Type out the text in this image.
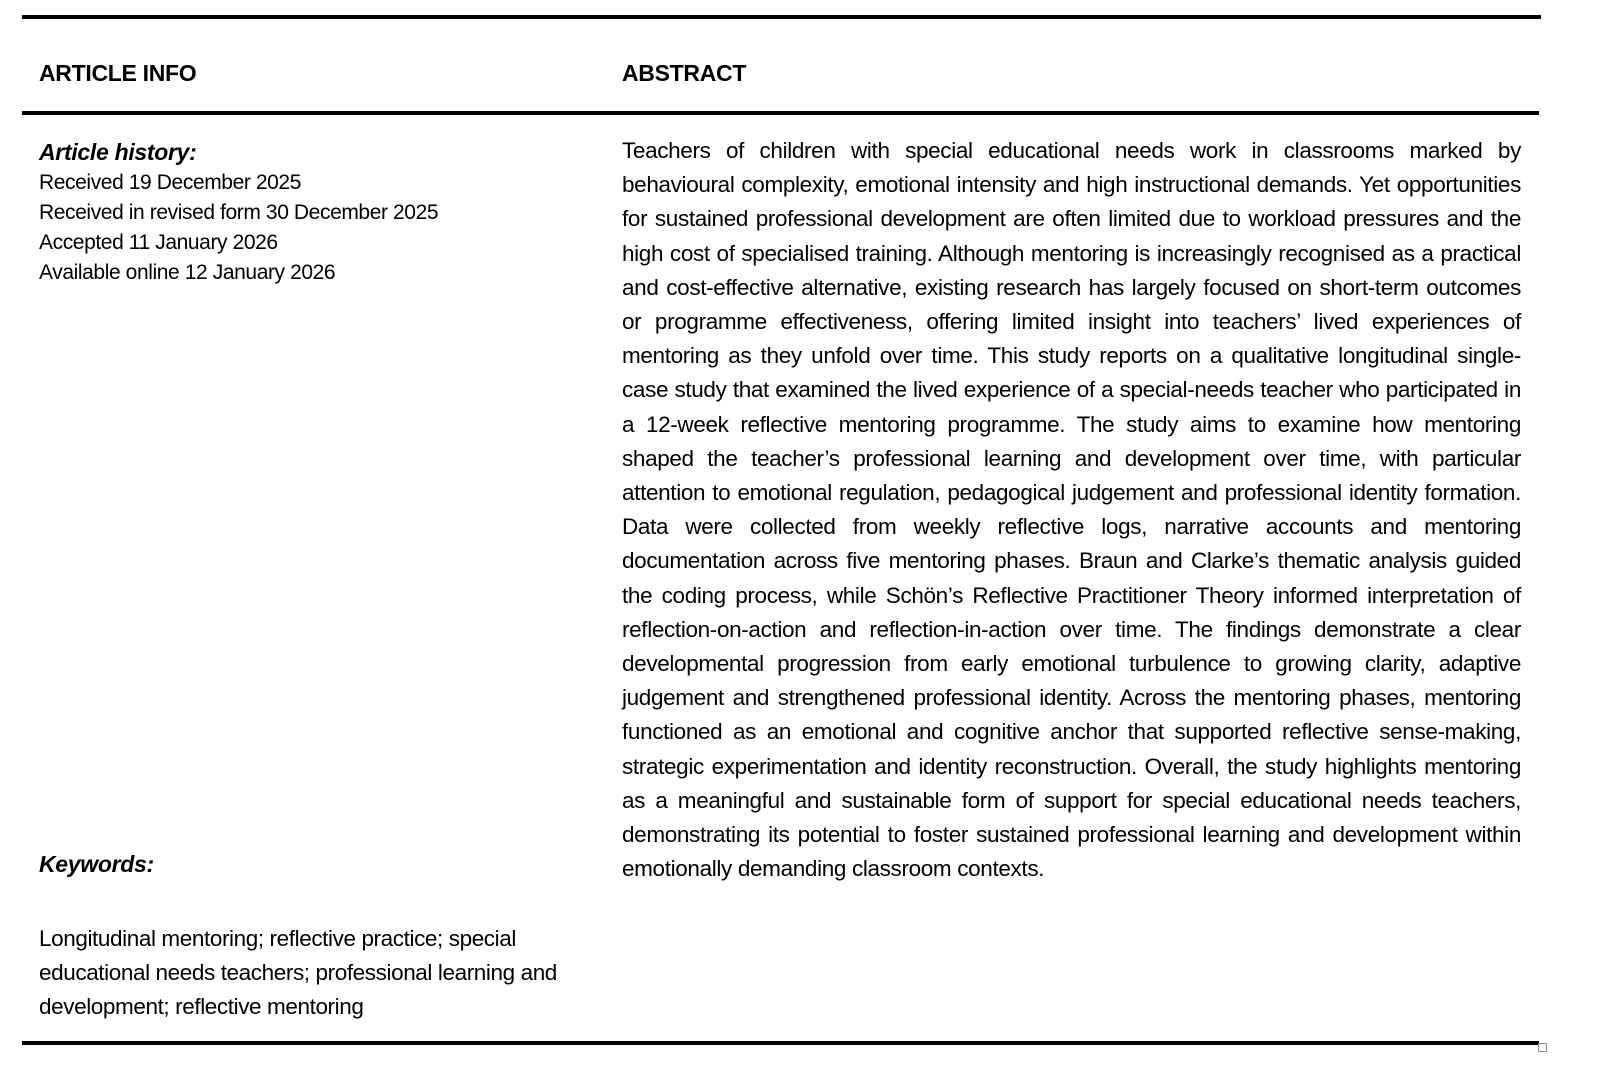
ARTICLE INFO	ABSTRACT
Article history:
Received 19 December 2025
Received in revised form 30 December 2025
Accepted 11 January 2026
Available online 12 January 2026
Keywords:
Longitudinal mentoring; reflective practice; special educational needs teachers; professional learning and development; reflective mentoring
Teachers of children with special educational needs work in classrooms marked by behavioural complexity, emotional intensity and high instructional demands. Yet opportunities for sustained professional development are often limited due to workload pressures and the high cost of specialised training. Although mentoring is increasingly recognised as a practical and cost-effective alternative, existing research has largely focused on short-term outcomes or programme effectiveness, offering limited insight into teachers’ lived experiences of mentoring as they unfold over time. This study reports on a qualitative longitudinal single-case study that examined the lived experience of a special-needs teacher who participated in a 12-week reflective mentoring programme. The study aims to examine how mentoring shaped the teacher’s professional learning and development over time, with particular attention to emotional regulation, pedagogical judgement and professional identity formation. Data were collected from weekly reflective logs, narrative accounts and mentoring documentation across five mentoring phases. Braun and Clarke’s thematic analysis guided the coding process, while Schön’s Reflective Practitioner Theory informed interpretation of reflection-on-action and reflection-in-action over time. The findings demonstrate a clear developmental progression from early emotional turbulence to growing clarity, adaptive judgement and strengthened professional identity. Across the mentoring phases, mentoring functioned as an emotional and cognitive anchor that supported reflective sense-making, strategic experimentation and identity reconstruction. Overall, the study highlights mentoring as a meaningful and sustainable form of support for special educational needs teachers, demonstrating its potential to foster sustained professional learning and development within emotionally demanding classroom contexts.
